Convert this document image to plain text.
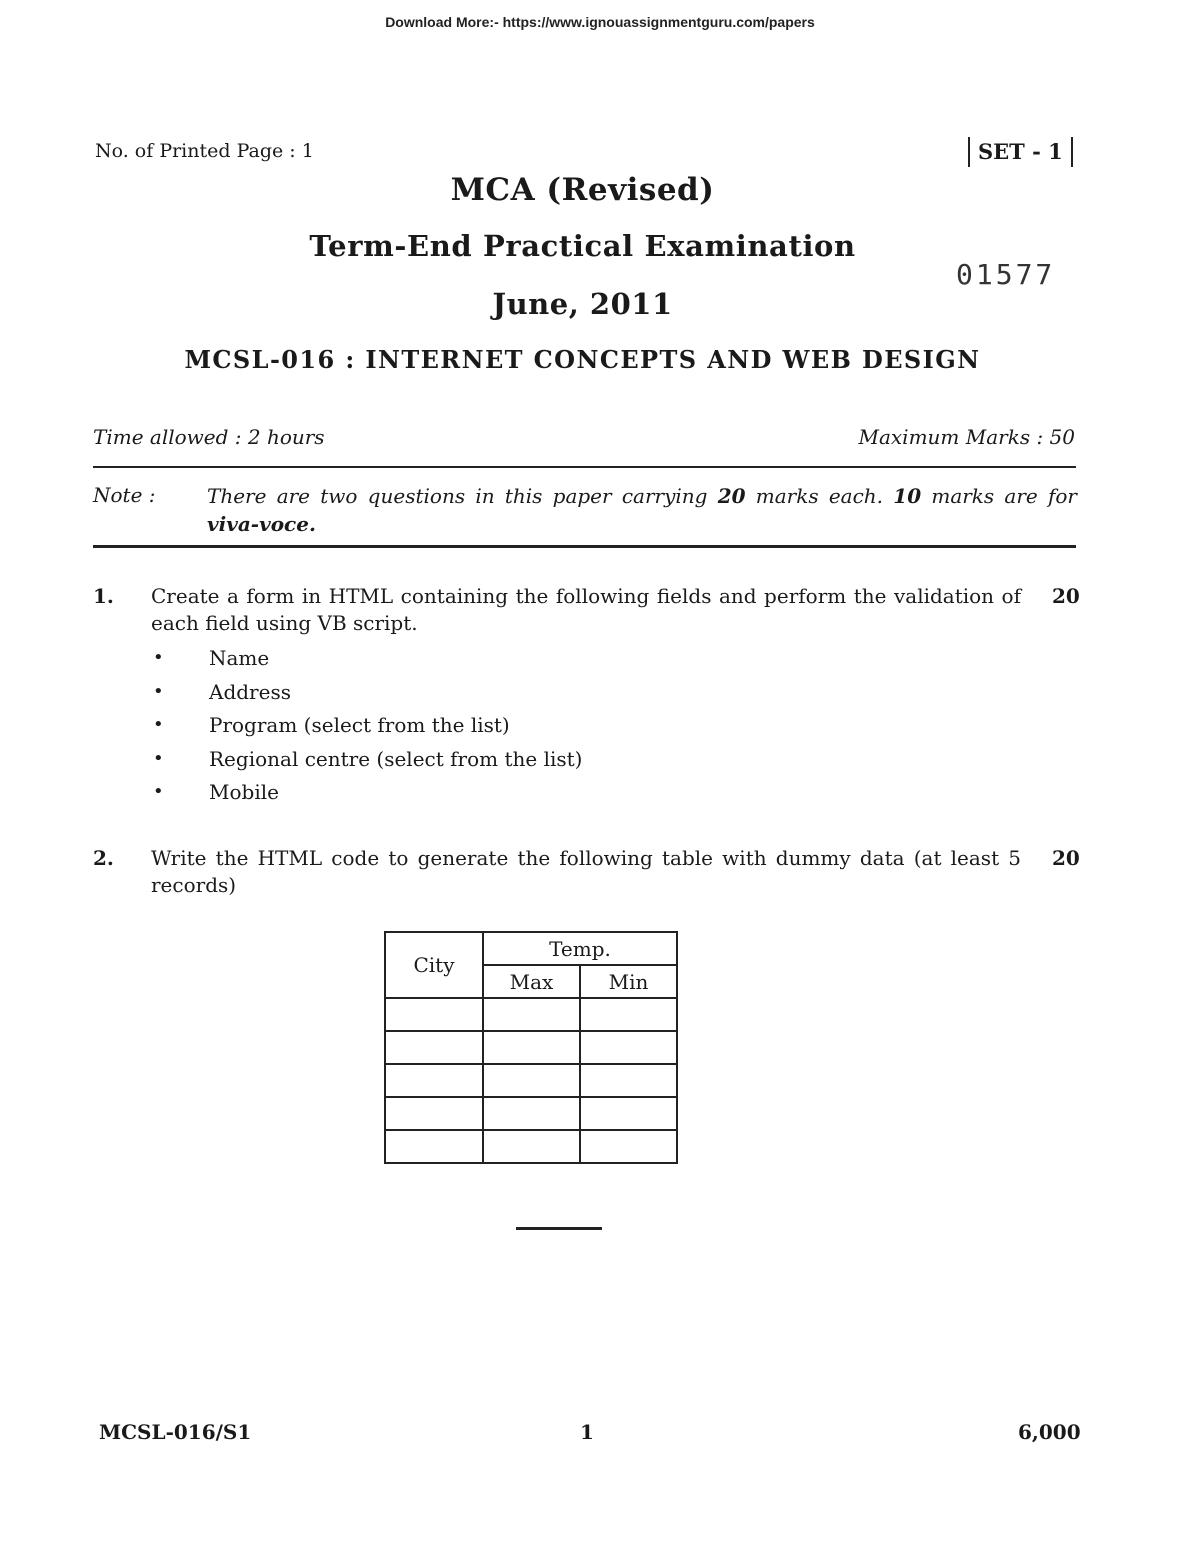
Download More:- https://www.ignouassignmentguru.com/papers
No. of Printed Page : 1	SET - 1
MCA (Revised)
Term-End Practical Examination
01577
June, 2011
MCSL-016 : INTERNET CONCEPTS AND WEB DESIGN
Time allowed : 2 hours	Maximum Marks : 50
Note :	There are two questions in this paper carrying 20 marks each. 10 marks are for viva-voce.
1. Create a form in HTML containing the following fields and perform the validation of each field using VB script.
20
• Name
• Address
• Program (select from the list)
• Regional centre (select from the list)
• Mobile
2. Write the HTML code to generate the following table with dummy data (at least 5 records)
20
City	Temp.	
	Max	Min

MCSL-016/S1	1	6,000
